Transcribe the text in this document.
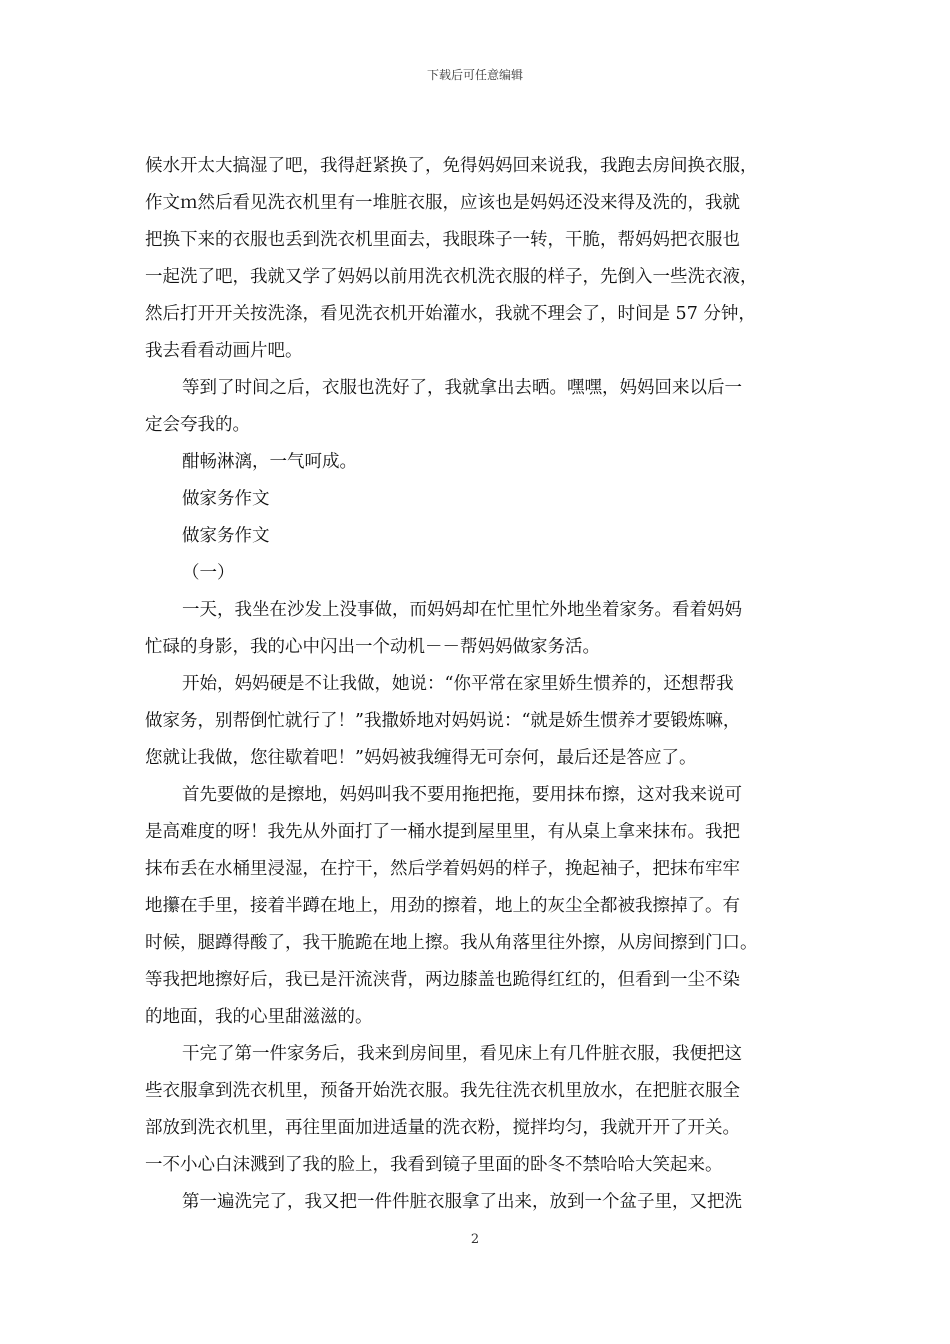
下载后可任意编辑
候水开太大搞湿了吧，我得赶紧换了，免得妈妈回来说我，我跑去房间换衣服，
作文ｍ然后看见洗衣机里有一堆脏衣服，应该也是妈妈还没来得及洗的，我就
把换下来的衣服也丢到洗衣机里面去，我眼珠子一转，干脆，帮妈妈把衣服也
一起洗了吧，我就又学了妈妈以前用洗衣机洗衣服的样子，先倒入一些洗衣液，
然后打开开关按洗涤，看见洗衣机开始灌水，我就不理会了，时间是 57 分钟，
我去看看动画片吧。
等到了时间之后，衣服也洗好了，我就拿出去晒。嘿嘿，妈妈回来以后一
定会夸我的。
酣畅淋漓，一气呵成。
做家务作文
做家务作文
（一）
一天，我坐在沙发上没事做，而妈妈却在忙里忙外地坐着家务。看着妈妈
忙碌的身影，我的心中闪出一个动机－－帮妈妈做家务活。
开始，妈妈硬是不让我做，她说：“你平常在家里娇生惯养的，还想帮我
做家务，别帮倒忙就行了！”我撒娇地对妈妈说：“就是娇生惯养才要锻炼嘛，
您就让我做，您往歇着吧！”妈妈被我缠得无可奈何，最后还是答应了。
首先要做的是擦地，妈妈叫我不要用拖把拖，要用抹布擦，这对我来说可
是高难度的呀！我先从外面打了一桶水提到屋里里，有从桌上拿来抹布。我把
抹布丢在水桶里浸湿，在拧干，然后学着妈妈的样子，挽起袖子，把抹布牢牢
地攥在手里，接着半蹲在地上，用劲的擦着，地上的灰尘全都被我擦掉了。有
时候，腿蹲得酸了，我干脆跪在地上擦。我从角落里往外擦，从房间擦到门口。
等我把地擦好后，我已是汗流浃背，两边膝盖也跪得红红的，但看到一尘不染
的地面，我的心里甜滋滋的。
干完了第一件家务后，我来到房间里，看见床上有几件脏衣服，我便把这
些衣服拿到洗衣机里，预备开始洗衣服。我先往洗衣机里放水，在把脏衣服全
部放到洗衣机里，再往里面加进适量的洗衣粉，搅拌均匀，我就开开了开关。
一不小心白沫溅到了我的脸上，我看到镜子里面的卧冬不禁哈哈大笑起来。
第一遍洗完了，我又把一件件脏衣服拿了出来，放到一个盆子里，又把洗
2
